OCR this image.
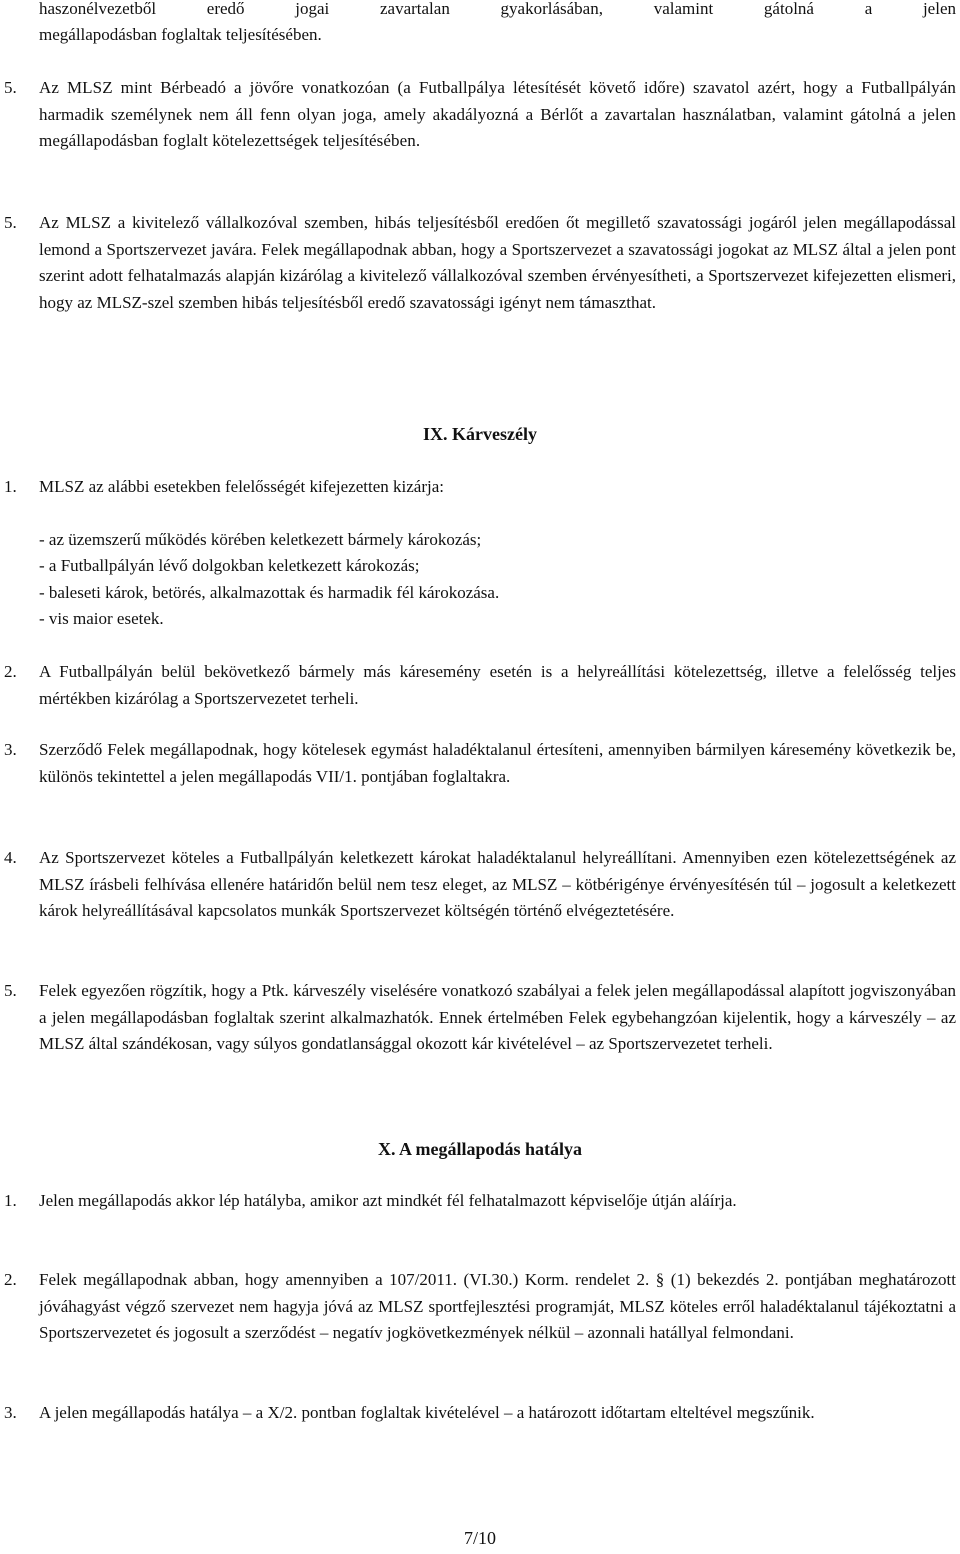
haszonélvezetből eredő jogai zavartalan gyakorlásában, valamint gátolná a jelen
megállapodásban foglaltak teljesítésében.
5.	Az MLSZ mint Bérbeadó a jövőre vonatkozóan (a Futballpálya létesítését követő időre) szavatol azért, hogy a Futballpályán harmadik személynek nem áll fenn olyan joga, amely akadályozná a Bérlőt a zavartalan használatban, valamint gátolná a jelen megállapodásban foglalt kötelezettségek teljesítésében.
5.	Az MLSZ a kivitelező vállalkozóval szemben, hibás teljesítésből eredően őt megillető szavatossági jogáról jelen megállapodással lemond a Sportszervezet javára. Felek megállapodnak abban, hogy a Sportszervezet a szavatossági jogokat az MLSZ által a jelen pont szerint adott felhatalmazás alapján kizárólag a kivitelező vállalkozóval szemben érvényesítheti, a Sportszervezet kifejezetten elismeri, hogy az MLSZ-szel szemben hibás teljesítésből eredő szavatossági igényt nem támaszthat.
IX. Kárveszély
1.	MLSZ az alábbi esetekben felelősségét kifejezetten kizárja:
- az üzemszerű működés körében keletkezett bármely károkozás;
- a Futballpályán lévő dolgokban keletkezett károkozás;
- baleseti károk, betörés, alkalmazottak és harmadik fél károkozása.
- vis maior esetek.
2.	A Futballpályán belül bekövetkező bármely más káresemény esetén is a helyreállítási kötelezettség, illetve a felelősség teljes mértékben kizárólag a Sportszervezetet terheli.
3.	Szerződő Felek megállapodnak, hogy kötelesek egymást haladéktalanul értesíteni, amennyiben bármilyen káresemény következik be, különös tekintettel a jelen megállapodás VII/1. pontjában foglaltakra.
4.	Az Sportszervezet köteles a Futballpályán keletkezett károkat haladéktalanul helyreállítani. Amennyiben ezen kötelezettségének az MLSZ írásbeli felhívása ellenére határidőn belül nem tesz eleget, az MLSZ – kötbérigénye érvényesítésén túl – jogosult a keletkezett károk helyreállításával kapcsolatos munkák Sportszervezet költségén történő elvégeztetésére.
5.	Felek egyezően rögzítik, hogy a Ptk. kárveszély viselésére vonatkozó szabályai a felek jelen megállapodással alapított jogviszonyában a jelen megállapodásban foglaltak szerint alkalmazhatók. Ennek értelmében Felek egybehangzóan kijelentik, hogy a kárveszély – az MLSZ által szándékosan, vagy súlyos gondatlansággal okozott kár kivételével – az Sportszervezetet terheli.
X. A megállapodás hatálya
1.	Jelen megállapodás akkor lép hatályba, amikor azt mindkét fél felhatalmazott képviselője útján aláírja.
2.	Felek megállapodnak abban, hogy amennyiben a 107/2011. (VI.30.) Korm. rendelet 2. § (1) bekezdés 2. pontjában meghatározott jóváhagyást végző szervezet nem hagyja jóvá az MLSZ sportfejlesztési programját, MLSZ köteles erről haladéktalanul tájékoztatni a Sportszervezetet és jogosult a szerződést – negatív jogkövetkezmények nélkül – azonnali hatállyal felmondani.
3.	A jelen megállapodás hatálya – a X/2. pontban foglaltak kivételével – a határozott időtartam elteltével megszűnik.
7/10
